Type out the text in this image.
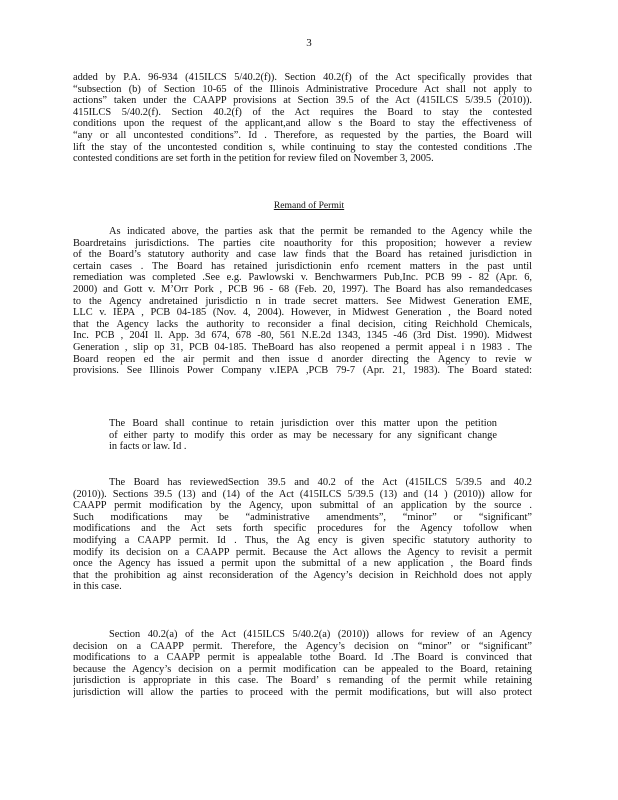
3
added by P.A. 96-934 (415ILCS 5/40.2(f)). Section 40.2(f) of the Act specifically provides that
“subsection (b) of Section 10-65 of the Illinois Administrative Procedure Act shall not apply to
actions” taken under the CAAPP provisions at Section 39.5 of the Act (415ILCS 5/39.5 (2010)).
415ILCS 5/40.2(f). Section 40.2(f) of the Act requires the Board to stay the contested
conditions upon the request of the applicant,and allow s the Board to stay the effectiveness of
“any or all uncontested conditions”. Id . Therefore, as requested by the parties, the Board will
lift the stay of the uncontested condition s, while continuing to stay the contested conditions .The
contested conditions are set forth in the petition for review filed on November 3, 2005.
Remand of Permit
As indicated above, the parties ask that the permit be remanded to the Agency while the
Boardretains jurisdictions. The parties cite noauthority for this proposition; however a review
of the Board’s statutory authority and case law finds that the Board has retained jurisdiction in
certain cases . The Board has retained jurisdictionin enfo rcement matters in the past until
remediation was completed .See e.g. Pawlowski v. Benchwarmers Pub,Inc. PCB 99 - 82 (Apr. 6,
2000) and Gott v. M’Orr Pork , PCB 96 - 68 (Feb. 20, 1997). The Board has also remandedcases
to the Agency andretained jurisdictio n in trade secret matters. See Midwest Generation EME,
LLC v. IEPA , PCB 04-185 (Nov. 4, 2004). However, in Midwest Generation , the Board noted
that the Agency lacks the authority to reconsider a final decision, citing Reichhold Chemicals,
Inc. PCB , 204I ll. App. 3d 674, 678 -80, 561 N.E.2d 1343, 1345 -46 (3rd Dist. 1990). Midwest
Generation , slip op 31, PCB 04-185. TheBoard has also reopened a permit appeal i n 1983 . The
Board reopen ed the air permit and then issue d anorder directing the Agency to revie w
provisions. See Illinois Power Company v.IEPA ,PCB 79-7 (Apr. 21, 1983). The Board stated:
The Board shall continue to retain jurisdiction over this matter upon the petition
of either party to modify this order as may be necessary for any significant change
in facts or law. Id .
The Board has reviewedSection 39.5 and 40.2 of the Act (415ILCS 5/39.5 and 40.2
(2010)). Sections 39.5 (13) and (14) of the Act (415ILCS 5/39.5 (13) and (14 ) (2010)) allow for
CAAPP permit modification by the Agency, upon submittal of an application by the source .
Such modifications may be “administrative amendments”, “minor” or “significant”
modifications and the Act sets forth specific procedures for the Agency tofollow when
modifying a CAAPP permit. Id . Thus, the Ag ency is given specific statutory authority to
modify its decision on a CAAPP permit. Because the Act allows the Agency to revisit a permit
once the Agency has issued a permit upon the submittal of a new application , the Board finds
that the prohibition ag ainst reconsideration of the Agency’s decision in Reichhold does not apply
in this case.
Section 40.2(a) of the Act (415ILCS 5/40.2(a) (2010)) allows for review of an Agency
decision on a CAAPP permit. Therefore, the Agency’s decision on “minor” or “significant”
modifications to a CAAPP permit is appealable tothe Board. Id .The Board is convinced that
because the Agency’s decision on a permit modification can be appealed to the Board, retaining
jurisdiction is appropriate in this case. The Board’ s remanding of the permit while retaining
jurisdiction will allow the parties to proceed with the permit modifications, but will also protect
